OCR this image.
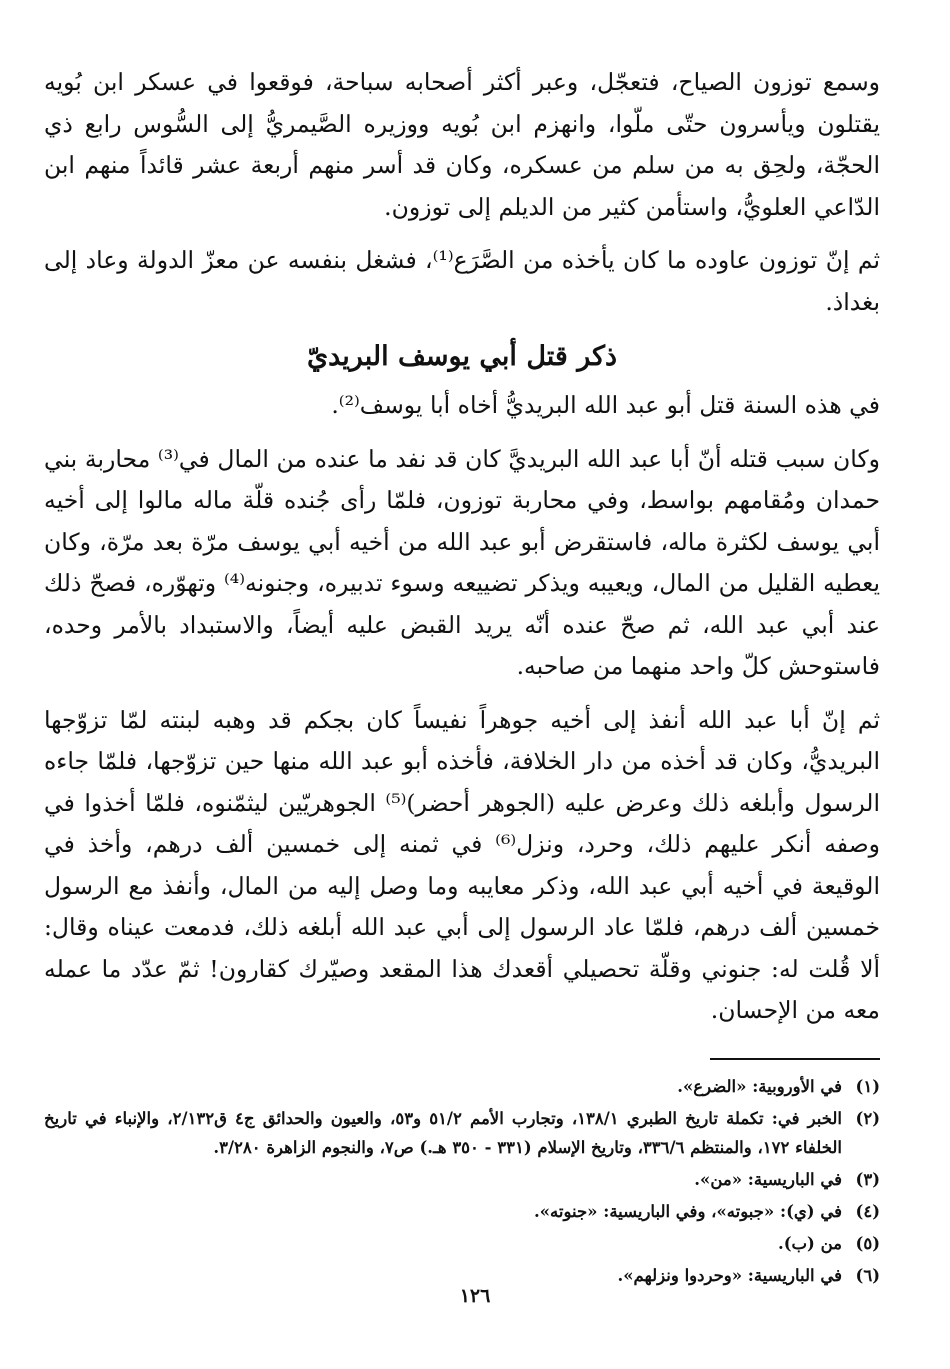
وسمع توزون الصياح، فتعجّل، وعبر أكثر أصحابه سباحة، فوقعوا في عسكر ابن بُويه يقتلون ويأسرون حتّى ملّوا، وانهزم ابن بُويه ووزيره الصَّيمريُّ إلى السُّوس رابع ذي الحجّة، ولحِق به من سلم من عسكره، وكان قد أسر منهم أربعة عشر قائداً منهم ابن الدّاعي العلويُّ، واستأمن كثير من الديلم إلى توزون.

ثم إنّ توزون عاوده ما كان يأخذه من الصَّرَع⁽¹⁾، فشغل بنفسه عن معزّ الدولة وعاد إلى بغداذ.

ذكر قتل أبي يوسف البريديّ

في هذه السنة قتل أبو عبد الله البريديُّ أخاه أبا يوسف⁽²⁾.

وكان سبب قتله أنّ أبا عبد الله البريديَّ كان قد نفد ما عنده من المال في⁽³⁾ محاربة بني حمدان ومُقامهم بواسط، وفي محاربة توزون، فلمّا رأى جُنده قلّة ماله مالوا إلى أخيه أبي يوسف لكثرة ماله، فاستقرض أبو عبد الله من أخيه أبي يوسف مرّة بعد مرّة، وكان يعطيه القليل من المال، ويعيبه ويذكر تضييعه وسوء تدبيره، وجنونه⁽⁴⁾ وتهوّره، فصحّ ذلك عند أبي عبد الله، ثم صحّ عنده أنّه يريد القبض عليه أيضاً، والاستبداد بالأمر وحده، فاستوحش كلّ واحد منهما من صاحبه.

ثم إنّ أبا عبد الله أنفذ إلى أخيه جوهراً نفيساً كان بجكم قد وهبه لبنته لمّا تزوّجها البريديُّ، وكان قد أخذه من دار الخلافة، فأخذه أبو عبد الله منها حين تزوّجها، فلمّا جاءه الرسول وأبلغه ذلك وعرض عليه (الجوهر أحضر)⁽⁵⁾ الجوهريّين ليثمّنوه، فلمّا أخذوا في وصفه أنكر عليهم ذلك، وحرد، ونزل⁽⁶⁾ في ثمنه إلى خمسين ألف درهم، وأخذ في الوقيعة في أخيه أبي عبد الله، وذكر معايبه وما وصل إليه من المال، وأنفذ مع الرسول خمسين ألف درهم، فلمّا عاد الرسول إلى أبي عبد الله أبلغه ذلك، فدمعت عيناه وقال: ألا قُلت له: جنوني وقلّة تحصيلي أقعدك هذا المقعد وصيّرك كقارون! ثمّ عدّد ما عمله معه من الإحسان.

(١)
في الأوروبية: «الضرع».
(٢)
الخبر في: تكملة تاريخ الطبري ١٣٨/١، وتجارب الأمم ٥١/٢ و٥٣، والعيون والحدائق ج٤ ق٢/١٣٢، والإنباء في تاريخ الخلفاء ١٧٢، والمنتظم ٣٣٦/٦، وتاريخ الإسلام (٣٣١ - ٣٥٠ هـ.) ص٧، والنجوم الزاهرة ٣/٢٨٠.
(٣)
في الباريسية: «من».
(٤)
في (ي): «جبوته»، وفي الباريسية: «جنوته».
(٥)
من (ب).
(٦)
في الباريسية: «وحردوا ونزلهم».
١٢٦
